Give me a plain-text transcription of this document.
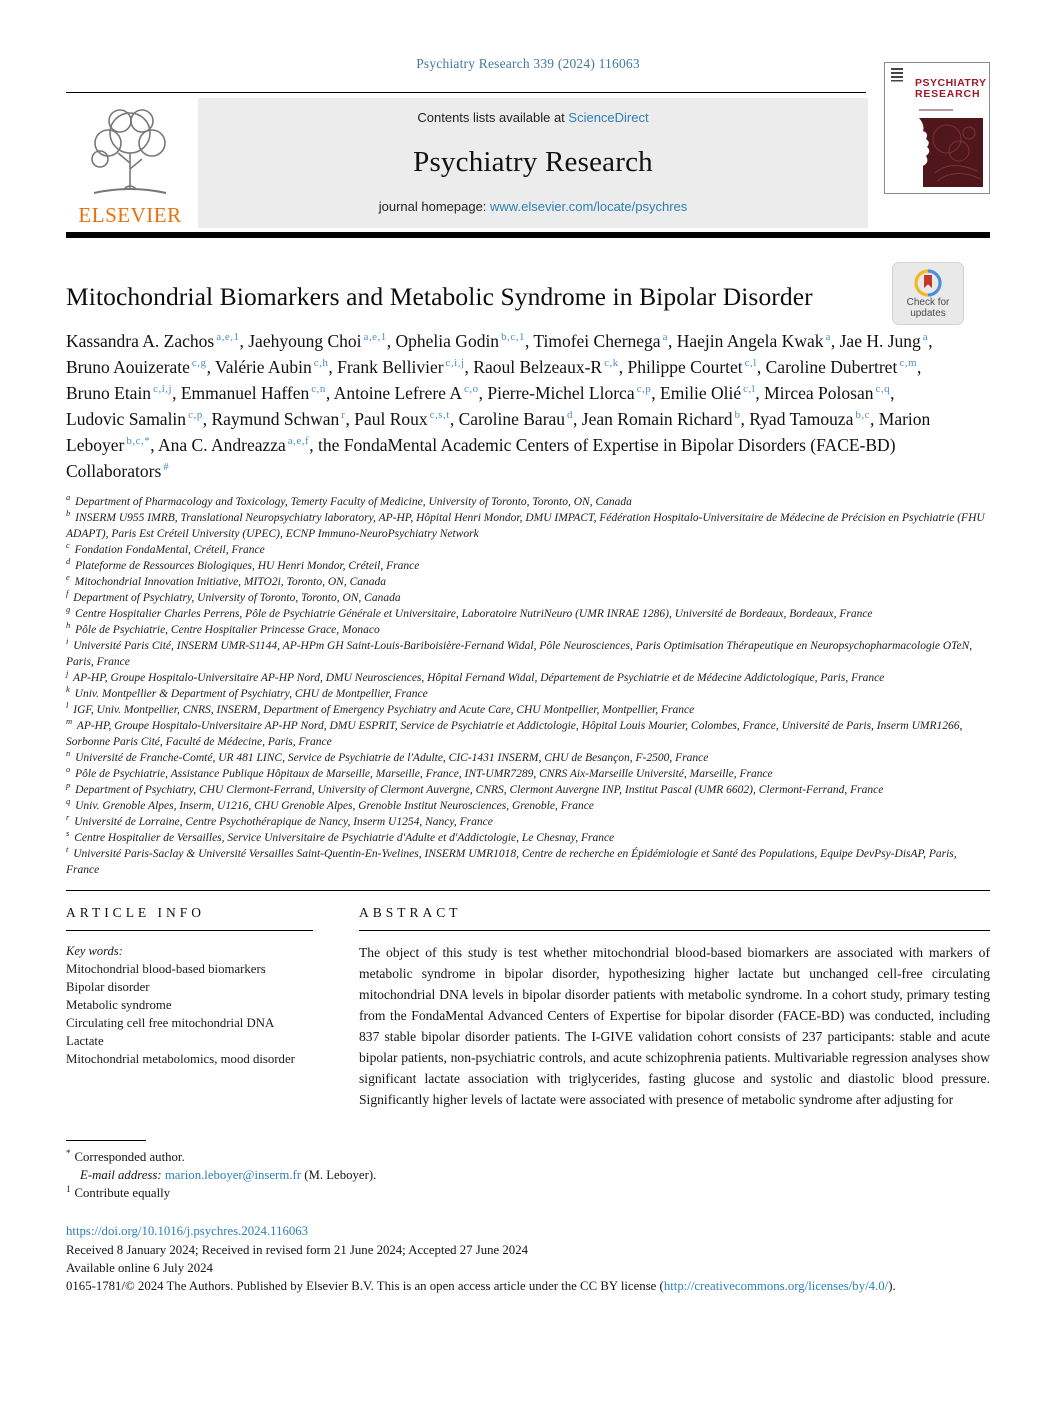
Psychiatry Research 339 (2024) 116063
ELSEVIER
Contents lists available at ScienceDirect
Psychiatry Research
journal homepage: www.elsevier.com/locate/psychres
PSYCHIATRY
RESEARCH
Mitochondrial Biomarkers and Metabolic Syndrome in Bipolar Disorder
Kassandra A. Zachos $^{a,e,1}$, Jaehyoung Choi $^{a,e,1}$, Ophelia Godin $^{b,c,1}$, Timofei Chernega $^a$, Haejin Angela Kwak $^a$, Jae H. Jung $^a$, Bruno Aouizerate $^{c,g}$, Valérie Aubin $^{c,h}$, Frank Bellivier $^{c,i,j}$, Raoul Belzeaux-R $^{c,k}$, Philippe Courtet $^{c,l}$, Caroline Dubertret $^{c,m}$, Bruno Etain $^{c,i,j}$, Emmanuel Haffen $^{c,n}$, Antoine Lefrere A $^{c,o}$, Pierre-Michel Llorca $^{c,p}$, Emilie Olié $^{c,l}$, Mircea Polosan $^{c,q}$, Ludovic Samalin $^{c,p}$, Raymund Schwan $^r$, Paul Roux $^{c,s,t}$, Caroline Barau $^d$, Jean Romain Richard $^b$, Ryad Tamouza $^{b,c}$, Marion Leboyer $^{b,c,*}$, Ana C. Andreazza $^{a,e,f}$, the FondaMental Academic Centers of Expertise in Bipolar Disorders (FACE-BD) Collaborators #
$^a$ Department of Pharmacology and Toxicology, Temerty Faculty of Medicine, University of Toronto, Toronto, ON, Canada
$^b$ INSERM U955 IMRB, Translational Neuropsychiatry laboratory, AP-HP, Hôpital Henri Mondor, DMU IMPACT, Fédération Hospitalo-Universitaire de Médecine de Précision en Psychiatrie (FHU ADAPT), Paris Est Créteil University (UPEC), ECNP Immuno-NeuroPsychiatry Network
$^c$ Fondation FondaMental, Créteil, France
$^d$ Plateforme de Ressources Biologiques, HU Henri Mondor, Créteil, France
$^e$ Mitochondrial Innovation Initiative, MITO2i, Toronto, ON, Canada
$^f$ Department of Psychiatry, University of Toronto, Toronto, ON, Canada
$^g$ Centre Hospitalier Charles Perrens, Pôle de Psychiatrie Générale et Universitaire, Laboratoire NutriNeuro (UMR INRAE 1286), Université de Bordeaux, Bordeaux, France
$^h$ Pôle de Psychiatrie, Centre Hospitalier Princesse Grace, Monaco
$^i$ Université Paris Cité, INSERM UMR-S1144, AP-HPm GH Saint-Louis-Bariboisière-Fernand Widal, Pôle Neurosciences, Paris Optimisation Thérapeutique en Neuropsychopharmacologie OTeN, Paris, France
$^j$ AP-HP, Groupe Hospitalo-Universitaire AP-HP Nord, DMU Neurosciences, Hôpital Fernand Widal, Département de Psychiatrie et de Médecine Addictologique, Paris, France
$^k$ Univ. Montpellier & Department of Psychiatry, CHU de Montpellier, France
$^l$ IGF, Univ. Montpellier, CNRS, INSERM, Department of Emergency Psychiatry and Acute Care, CHU Montpellier, Montpellier, France
$^m$ AP-HP, Groupe Hospitalo-Universitaire AP-HP Nord, DMU ESPRIT, Service de Psychiatrie et Addictologie, Hôpital Louis Mourier, Colombes, France, Université de Paris, Inserm UMR1266, Sorbonne Paris Cité, Faculté de Médecine, Paris, France
$^n$ Université de Franche-Comté, UR 481 LINC, Service de Psychiatrie de l'Adulte, CIC-1431 INSERM, CHU de Besançon, F-2500, France
$^o$ Pôle de Psychiatrie, Assistance Publique Hôpitaux de Marseille, Marseille, France, INT-UMR7289, CNRS Aix-Marseille Université, Marseille, France
$^p$ Department of Psychiatry, CHU Clermont-Ferrand, University of Clermont Auvergne, CNRS, Clermont Auvergne INP, Institut Pascal (UMR 6602), Clermont-Ferrand, France
$^q$ Univ. Grenoble Alpes, Inserm, U1216, CHU Grenoble Alpes, Grenoble Institut Neurosciences, Grenoble, France
$^r$ Université de Lorraine, Centre Psychothérapique de Nancy, Inserm U1254, Nancy, France
$^s$ Centre Hospitalier de Versailles, Service Universitaire de Psychiatrie d'Adulte et d'Addictologie, Le Chesnay, France
$^t$ Université Paris-Saclay & Université Versailles Saint-Quentin-En-Yvelines, INSERM UMR1018, Centre de recherche en Épidémiologie et Santé des Populations, Equipe DevPsy-DisAP, Paris, France
ARTICLE INFO
Key words:
Mitochondrial blood-based biomarkers
Bipolar disorder
Metabolic syndrome
Circulating cell free mitochondrial DNA
Lactate
Mitochondrial metabolomics, mood disorder
ABSTRACT
The object of this study is test whether mitochondrial blood-based biomarkers are associated with markers of metabolic syndrome in bipolar disorder, hypothesizing higher lactate but unchanged cell-free circulating mitochondrial DNA levels in bipolar disorder patients with metabolic syndrome. In a cohort study, primary testing from the FondaMental Advanced Centers of Expertise for bipolar disorder (FACE-BD) was conducted, including 837 stable bipolar disorder patients. The I-GIVE validation cohort consists of 237 participants: stable and acute bipolar patients, non-psychiatric controls, and acute schizophrenia patients. Multivariable regression analyses show significant lactate association with triglycerides, fasting glucose and systolic and diastolic blood pressure. Significantly higher levels of lactate were associated with presence of metabolic syndrome after adjusting for
* Corresponded author.
E-mail address: marion.leboyer@inserm.fr (M. Leboyer).
$^1$ Contribute equally
https://doi.org/10.1016/j.psychres.2024.116063
Received 8 January 2024; Received in revised form 21 June 2024; Accepted 27 June 2024
Available online 6 July 2024
0165-1781/© 2024 The Authors. Published by Elsevier B.V. This is an open access article under the CC BY license (http://creativecommons.org/licenses/by/4.0/).
Check for
updates
